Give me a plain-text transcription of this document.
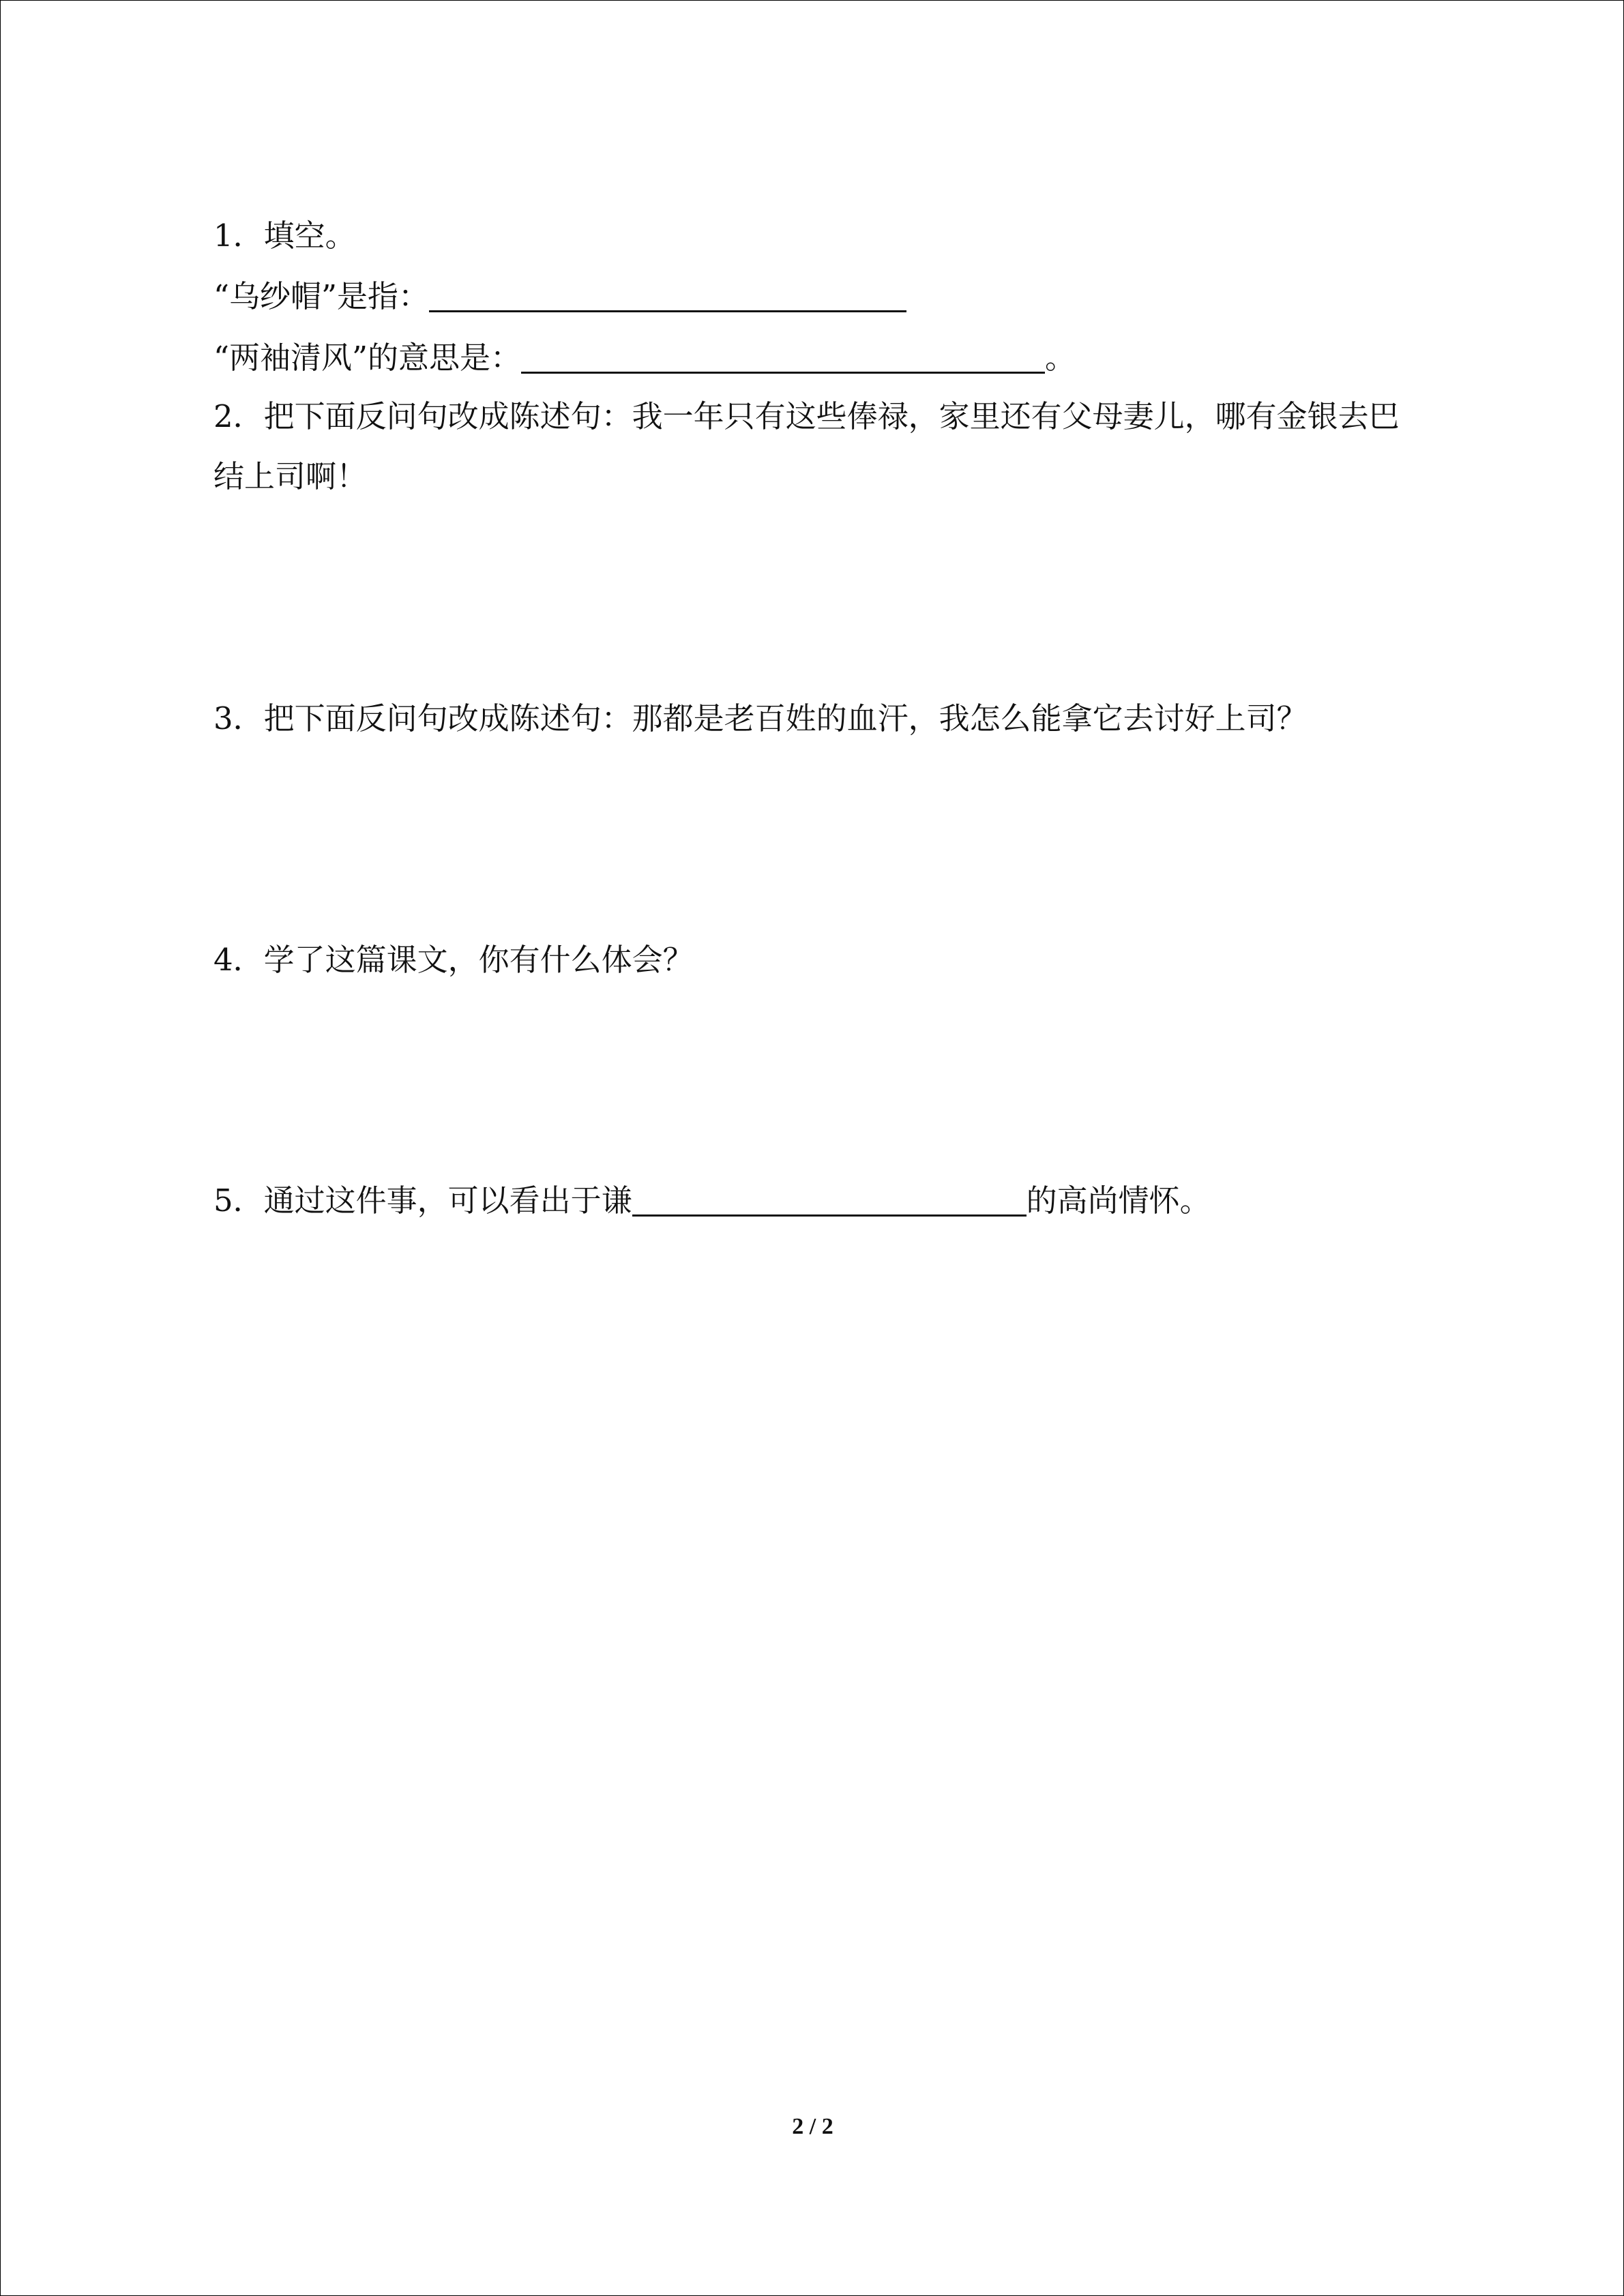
1．填空。
“乌纱帽”是指：
“两袖清风”的意思是：	。
2．把下面反问句改成陈述句：我一年只有这些俸禄，家里还有父母妻儿，哪有金银去巴
结上司啊！
3．把下面反问句改成陈述句：那都是老百姓的血汗，我怎么能拿它去讨好上司？
4．学了这篇课文，你有什么体会？
5．通过这件事，可以看出于谦	的高尚情怀。
2 / 2
